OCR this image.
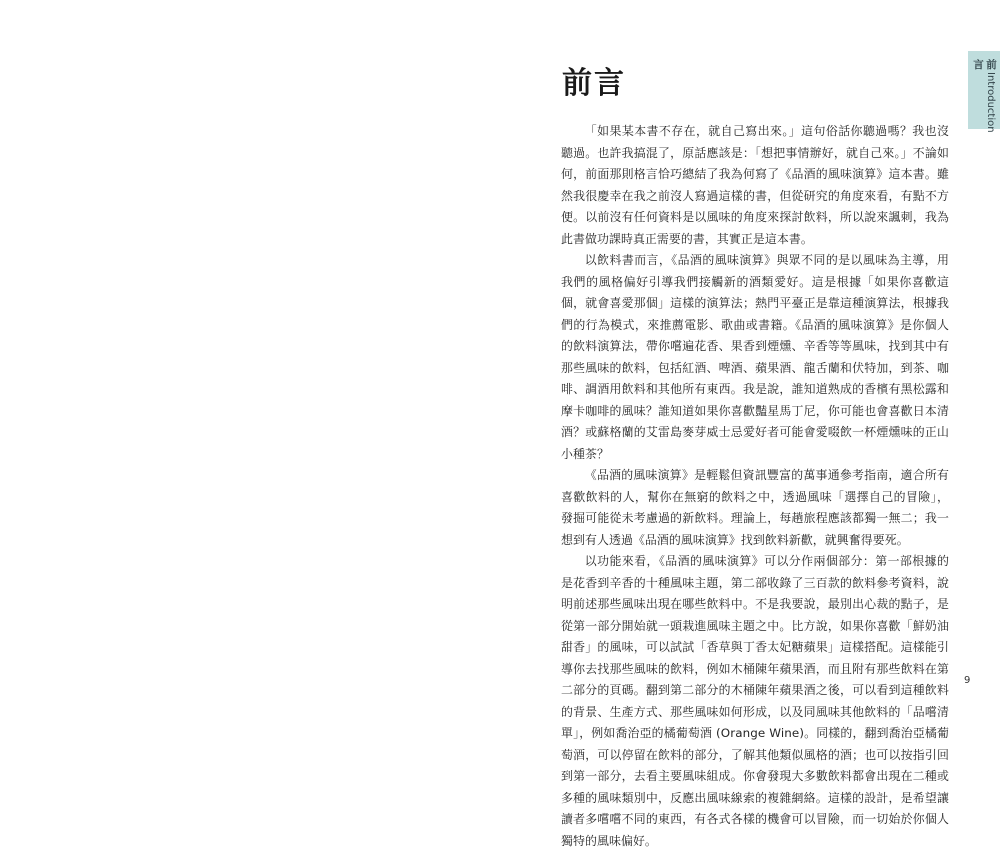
前言

「如果某本書不存在，就自己寫出來。」這句俗話你聽過嗎？我也沒聽過。也許我搞混了，原話應該是：「想把事情辦好，就自己來。」不論如何，前面那則格言恰巧總結了我為何寫了《品酒的風味演算》這本書。雖然我很慶幸在我之前沒人寫過這樣的書，但從研究的角度來看，有點不方便。以前沒有任何資料是以風味的角度來探討飲料，所以說來諷刺，我為此書做功課時真正需要的書，其實正是這本書。

以飲料書而言，《品酒的風味演算》與眾不同的是以風味為主導，用我們的風格偏好引導我們接觸新的酒類愛好。這是根據「如果你喜歡這個，就會喜愛那個」這樣的演算法；熱門平臺正是靠這種演算法，根據我們的行為模式，來推薦電影、歌曲或書籍。《品酒的風味演算》是你個人的飲料演算法，帶你嚐遍花香、果香到煙燻、辛香等等風味，找到其中有那些風味的飲料，包括紅酒、啤酒、蘋果酒、龍舌蘭和伏特加，到茶、咖啡、調酒用飲料和其他所有東西。我是說，誰知道熟成的香檳有黑松露和摩卡咖啡的風味？誰知道如果你喜歡豔星馬丁尼，你可能也會喜歡日本清酒？或蘇格蘭的艾雷島麥芽威士忌愛好者可能會愛啜飲一杯煙燻味的正山小種茶？

《品酒的風味演算》是輕鬆但資訊豐富的萬事通參考指南，適合所有喜歡飲料的人，幫你在無窮的飲料之中，透過風味「選擇自己的冒險」，發掘可能從未考慮過的新飲料。理論上，每趟旅程應該都獨一無二；我一想到有人透過《品酒的風味演算》找到飲料新歡，就興奮得要死。

以功能來看，《品酒的風味演算》可以分作兩個部分：第一部根據的是花香到辛香的十種風味主題，第二部收錄了三百款的飲料參考資料，說明前述那些風味出現在哪些飲料中。不是我要說，最別出心裁的點子，是從第一部分開始就一頭栽進風味主題之中。比方說，如果你喜歡「鮮奶油甜香」的風味，可以試試「香草與丁香太妃糖蘋果」這樣搭配。這樣能引導你去找那些風味的飲料，例如木桶陳年蘋果酒，而且附有那些飲料在第二部分的頁碼。翻到第二部分的木桶陳年蘋果酒之後，可以看到這種飲料的背景、生產方式、那些風味如何形成，以及同風味其他飲料的「品嚐清單」，例如喬治亞的橘葡萄酒 (Orange Wine)。同樣的，翻到喬治亞橘葡萄酒，可以停留在飲料的部分，了解其他類似風格的酒；也可以按指引回到第一部分，去看主要風味組成。你會發現大多數飲料都會出現在二種或多種的風味類別中，反應出風味線索的複雜網絡。這樣的設計，是希望讓讀者多嚐嚐不同的東西，有各式各樣的機會可以冒險，而一切始於你個人獨特的風味偏好。

前言
Introduction
9
